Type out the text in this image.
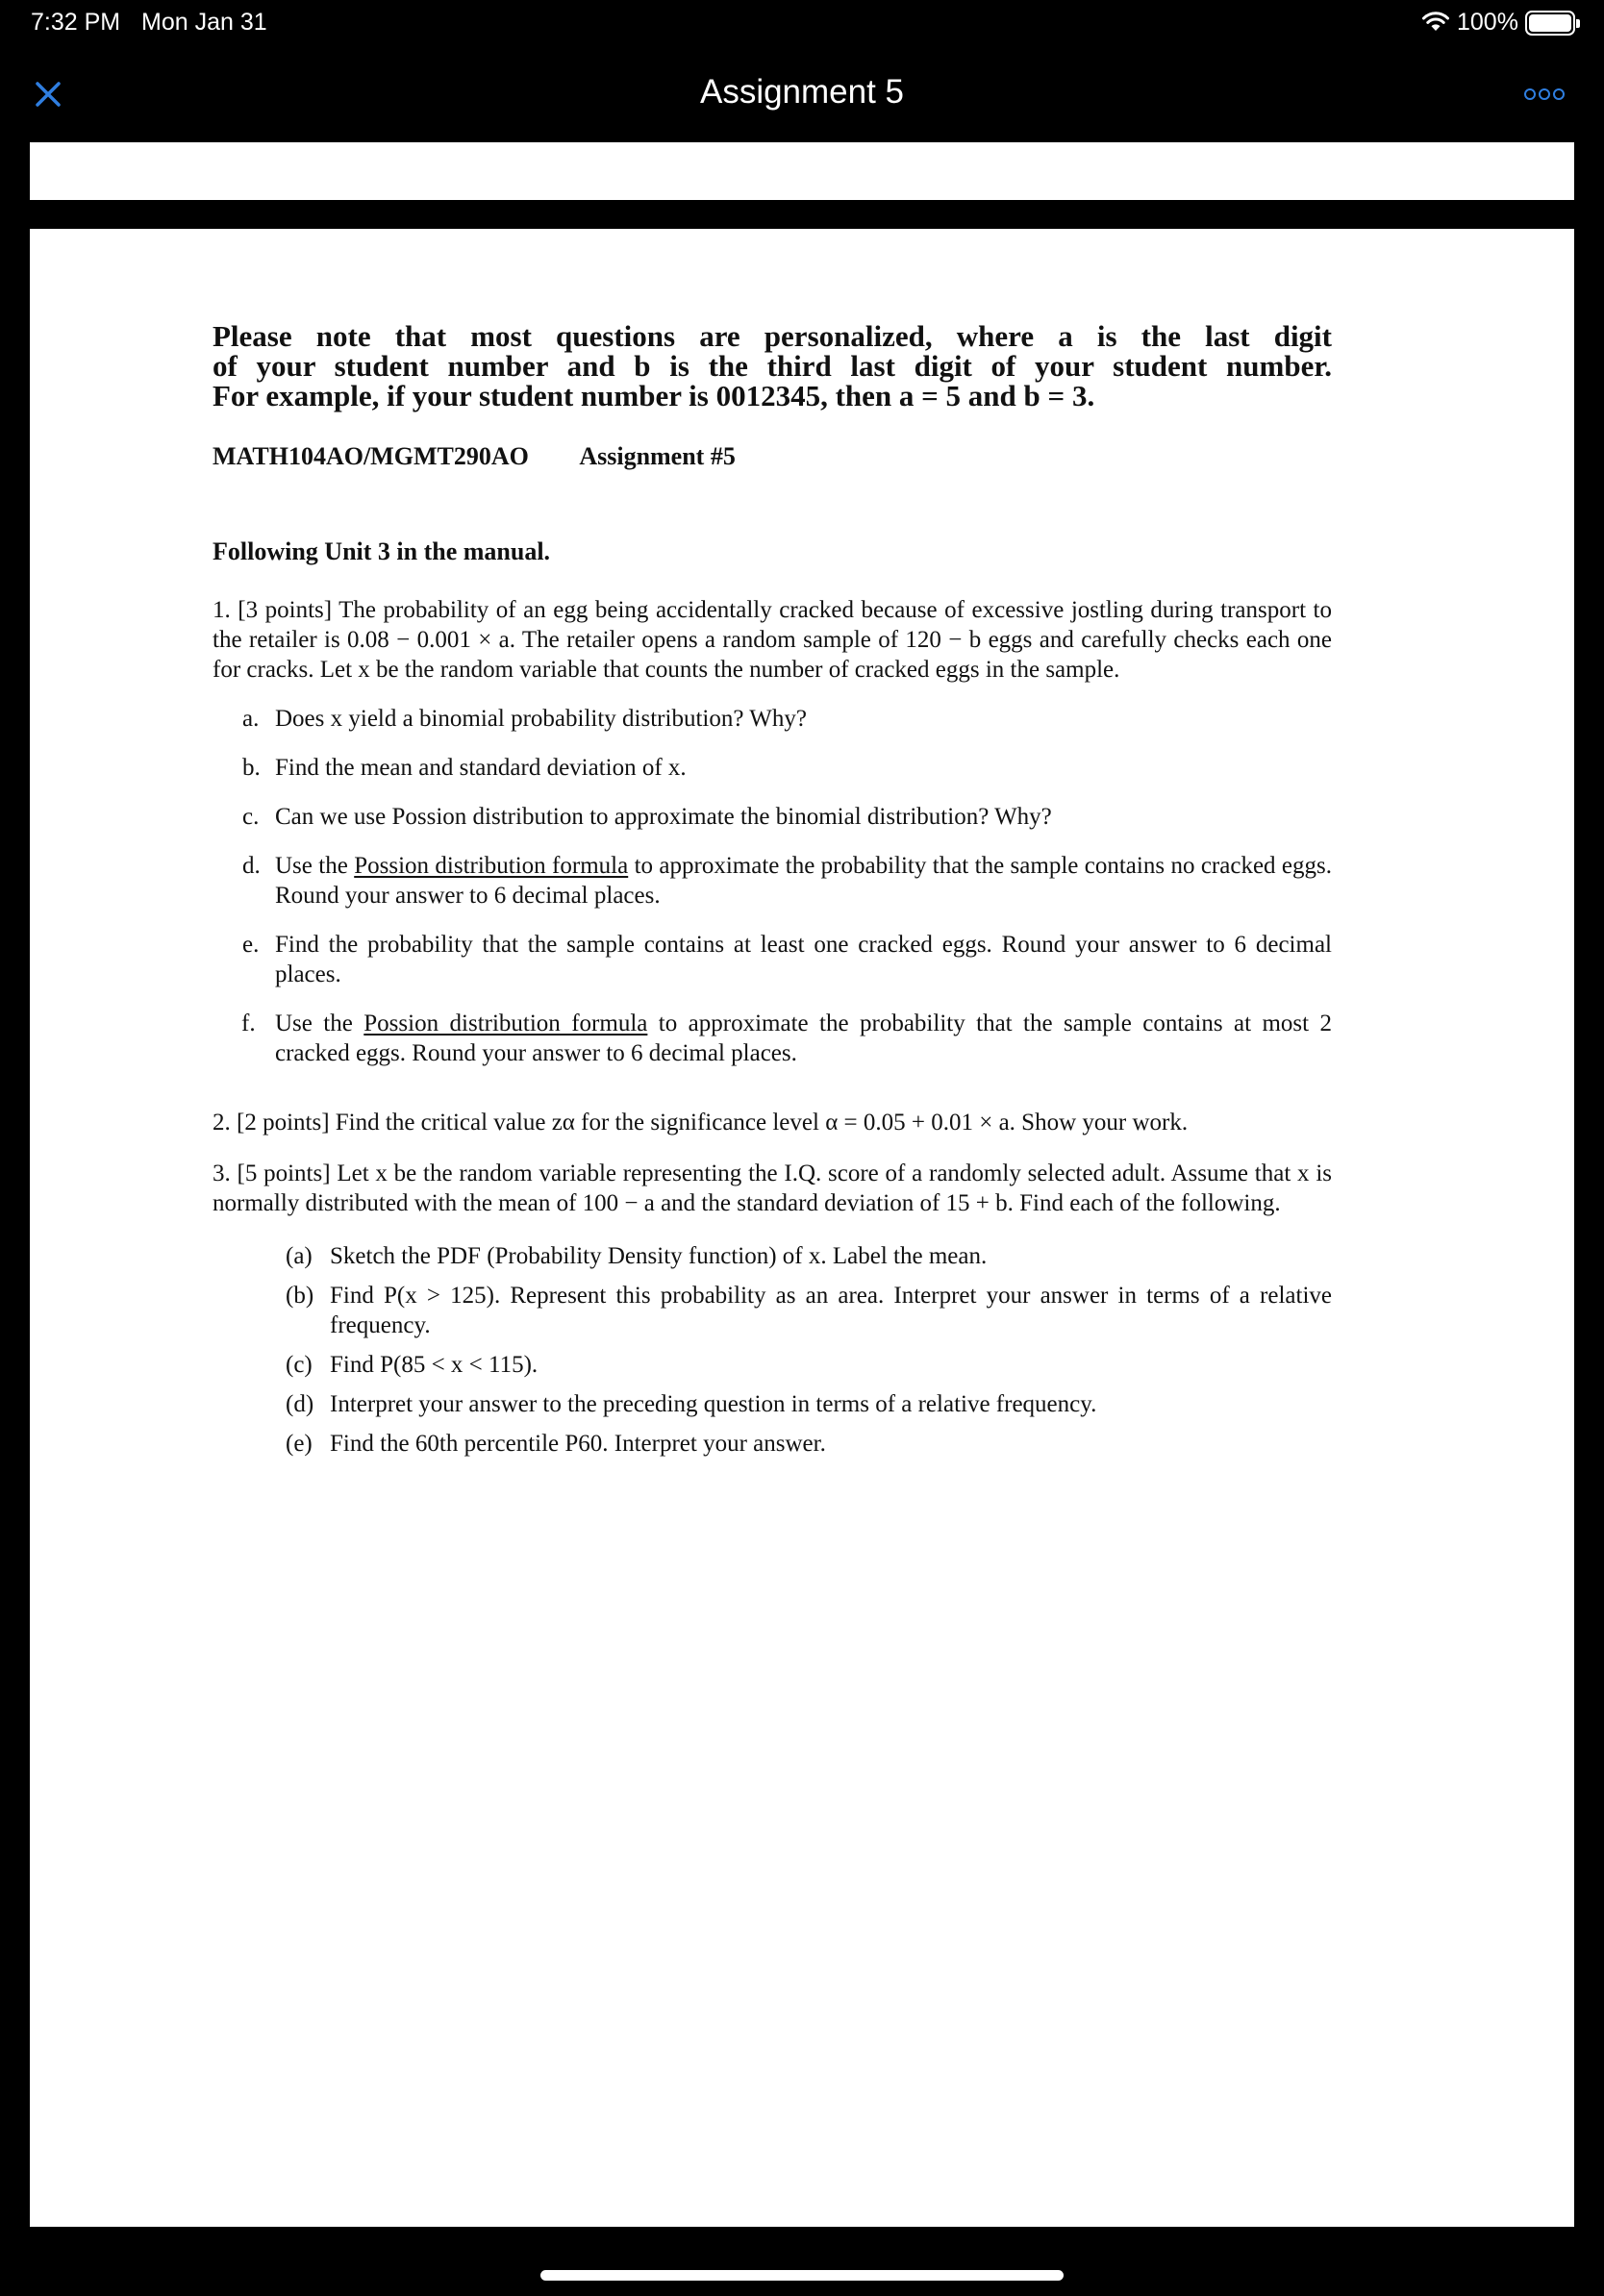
7:32 PM Mon Jan 31	100%
Assignment 5
Please note that most questions are personalized, where a is the last digit
of your student number and b is the third last digit of your student number.
For example, if your student number is 0012345, then a = 5 and b = 3.
MATH104AO/MGMT290AO Assignment #5
Following Unit 3 in the manual.
1. [3 points] The probability of an egg being accidentally cracked because of excessive jostling during transport to the retailer is 0.08 − 0.001 × a. The retailer opens a random sample of 120 − b eggs and carefully checks each one for cracks. Let x be the random variable that counts the number of cracked eggs in the sample.
a. Does x yield a binomial probability distribution? Why?
b. Find the mean and standard deviation of x.
c. Can we use Possion distribution to approximate the binomial distribution? Why?
d. Use the Possion distribution formula to approximate the probability that the sample contains no cracked eggs. Round your answer to 6 decimal places.
e. Find the probability that the sample contains at least one cracked eggs. Round your answer to 6 decimal places.
f. Use the Possion distribution formula to approximate the probability that the sample contains at most 2 cracked eggs. Round your answer to 6 decimal places.
2. [2 points] Find the critical value zα for the significance level α = 0.05 + 0.01 × a. Show your work.
3. [5 points] Let x be the random variable representing the I.Q. score of a randomly selected adult. Assume that x is normally distributed with the mean of 100 − a and the standard deviation of 15 + b. Find each of the following.
(a) Sketch the PDF (Probability Density function) of x. Label the mean.
(b) Find P(x > 125). Represent this probability as an area. Interpret your answer in terms of a relative frequency.
(c) Find P(85 < x < 115).
(d) Interpret your answer to the preceding question in terms of a relative frequency.
(e) Find the 60th percentile P60. Interpret your answer.
